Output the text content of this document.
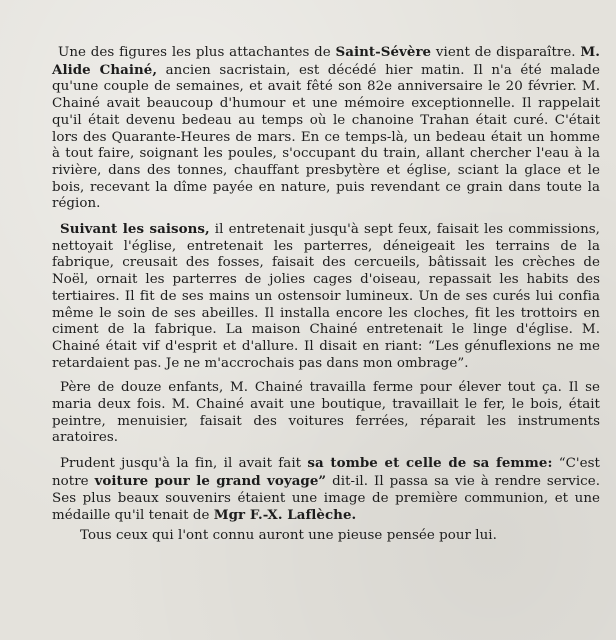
Une des figures les plus attachantes de Saint-Sévère vient de disparaître. M. Alide Chainé, ancien sacristain, est décédé hier matin. Il n'a été malade qu'une couple de semaines, et avait fêté son 82e anniversaire le 20 février. M. Chainé avait beaucoup d'humour et une mémoire exceptionnelle. Il rappelait qu'il était devenu bedeau au temps où le chanoine Trahan était curé. C'était lors des Quarante-Heures de mars. En ce temps-là, un bedeau était un homme à tout faire, soignant les poules, s'occupant du train, allant chercher l'eau à la rivière, dans des tonnes, chauffant presbytère et église, sciant la glace et le bois, recevant la dîme payée en nature, puis revendant ce grain dans toute la région.

Suivant les saisons, il entretenait jusqu'à sept feux, faisait les commissions, nettoyait l'église, entretenait les parterres, déneigeait les terrains de la fabrique, creusait des fosses, faisait des cercueils, bâtissait les crèches de Noël, ornait les parterres de jolies cages d'oiseau, repassait les habits des tertiaires. Il fit de ses mains un ostensoir lumineux. Un de ses curés lui confia même le soin de ses abeilles. Il installa encore les cloches, fit les trottoirs en ciment de la fabrique. La maison Chainé entretenait le linge d'église. M. Chainé était vif d'esprit et d'allure. Il disait en riant: “Les génuflexions ne me retardaient pas. Je ne m'accrochais pas dans mon ombrage”.

Père de douze enfants, M. Chainé travailla ferme pour élever tout ça. Il se maria deux fois. M. Chainé avait une boutique, travaillait le fer, le bois, était peintre, menuisier, faisait des voitures ferrées, réparait les instruments aratoires.

Prudent jusqu'à la fin, il avait fait sa tombe et celle de sa femme: “C'est notre voiture pour le grand voyage” dit-il. Il passa sa vie à rendre service. Ses plus beaux souvenirs étaient une image de première communion, et une médaille qu'il tenait de Mgr F.-X. Laflèche.

Tous ceux qui l'ont connu auront une pieuse pensée pour lui.
